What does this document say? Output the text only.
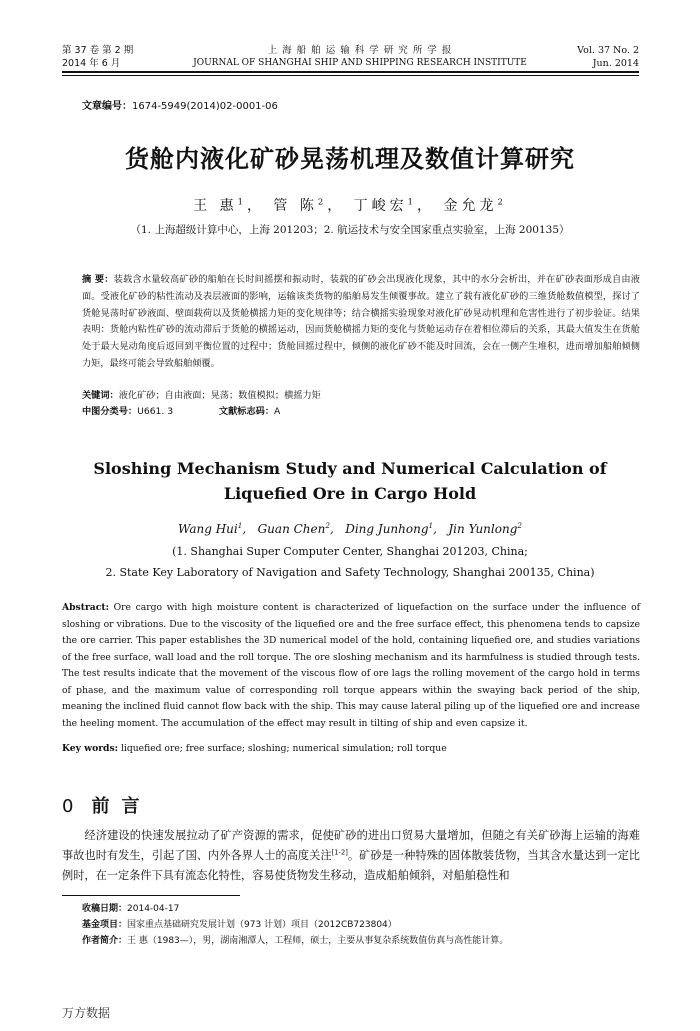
第 37 卷 第 2 期
2014 年 6 月
上 海 船 舶 运 输 科 学 研 究 所 学 报
JOURNAL OF SHANGHAI SHIP AND SHIPPING RESEARCH INSTITUTE
Vol. 37 No. 2
Jun. 2014
文章编号：1674-5949(2014)02-0001-06
货舱内液化矿砂晃荡机理及数值计算研究
王 惠$^1$， 管 陈$^2$， 丁峻宏$^1$， 金允龙$^2$
（1. 上海超级计算中心，上海 201203；2. 航运技术与安全国家重点实验室，上海 200135）
摘 要：装载含水量较高矿砂的船舶在长时间摇摆和振动时，装载的矿砂会出现液化现象，其中的水分会析出，并在矿砂表面形成自由液面。受液化矿砂的粘性流动及表层液面的影响，运输该类货物的船舶易发生倾覆事故。建立了载有液化矿砂的三维货舱数值模型，探讨了货舱晃荡时矿砂液面、壁面载荷以及货舱横摇力矩的变化规律等；结合横摇实验现象对液化矿砂晃动机理和危害性进行了初步验证。结果表明：货舱内粘性矿砂的流动滞后于货舱的横摇运动，因而货舱横摇力矩的变化与货舱运动存在着相位滞后的关系，其最大值发生在货舱处于最大晃动角度后返回到平衡位置的过程中；货舱回摇过程中，倾侧的液化矿砂不能及时回流，会在一侧产生堆积，进而增加船舶倾侧力矩，最终可能会导致船舶倾覆。
关键词：液化矿砂；自由液面；晃荡；数值模拟；横摇力矩
中图分类号：U661. 3	文献标志码：A
Sloshing Mechanism Study and Numerical Calculation of
Liquefied Ore in Cargo Hold
Wang Hui$^1$,   Guan Chen$^2$,   Ding Junhong$^1$,   Jin Yunlong$^2$
(1. Shanghai Super Computer Center, Shanghai 201203, China;
2. State Key Laboratory of Navigation and Safety Technology, Shanghai 200135, China)
Abstract: Ore cargo with high moisture content is characterized of liquefaction on the surface under the influence of sloshing or vibrations. Due to the viscosity of the liquefied ore and the free surface effect, this phenomena tends to capsize the ore carrier. This paper establishes the 3D numerical model of the hold, containing liquefied ore, and studies variations of the free surface, wall load and the roll torque. The ore sloshing mechanism and its harmfulness is studied through tests. The test results indicate that the movement of the viscous flow of ore lags the rolling movement of the cargo hold in terms of phase, and the maximum value of corresponding roll torque appears within the swaying back period of the ship, meaning the inclined fluid cannot flow back with the ship. This may cause lateral piling up of the liquefied ore and increase the heeling moment. The accumulation of the effect may result in tilting of ship and even capsize it.
Key words: liquefied ore; free surface; sloshing; numerical simulation; roll torque
0 前言
经济建设的快速发展拉动了矿产资源的需求，促使矿砂的进出口贸易大量增加，但随之有关矿砂海上运输的海难事故也时有发生，引起了国、内外各界人士的高度关注[1-2]。矿砂是一种特殊的固体散装货物，当其含水量达到一定比例时，在一定条件下具有流态化特性，容易使货物发生移动，造成船舶倾斜，对船舶稳性和
收稿日期：2014-04-17
基金项目：国家重点基础研究发展计划（973 计划）项目（2012CB723804）
作者简介：王 惠（1983—），男，湖南湘潭人，工程师，硕士，主要从事复杂系统数值仿真与高性能计算。
万方数据
